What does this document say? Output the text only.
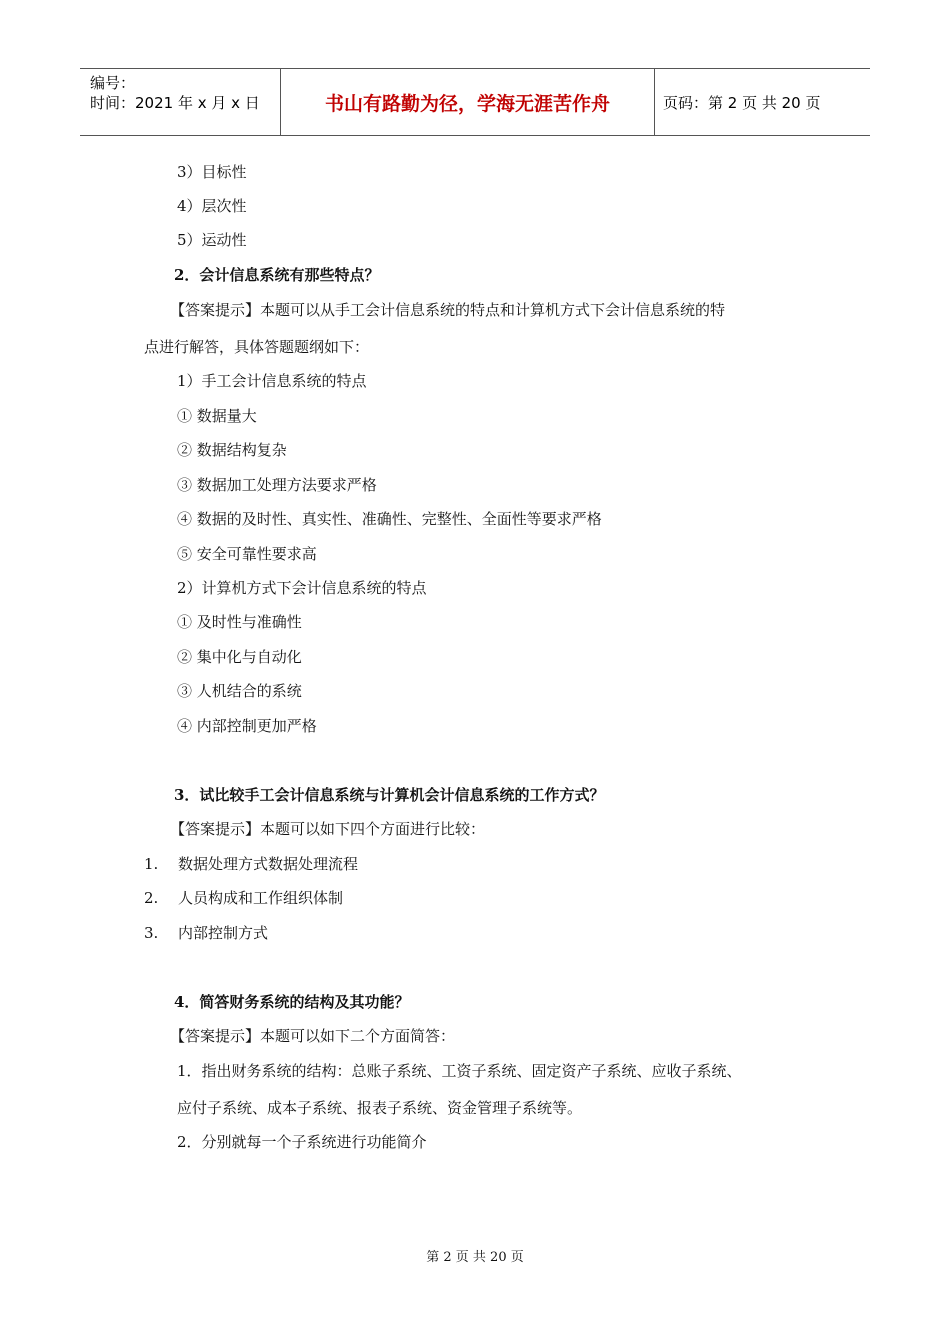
编号：
时间：2021 年 x 月 x 日	书山有路勤为径，学海无涯苦作舟	页码：第 2 页 共 20 页
3）目标性
4）层次性
5）运动性
2．会计信息系统有那些特点？
【答案提示】本题可以从手工会计信息系统的特点和计算机方式下会计信息系统的特
点进行解答，具体答题题纲如下：
1）手工会计信息系统的特点
① 数据量大
② 数据结构复杂
③ 数据加工处理方法要求严格
④ 数据的及时性、真实性、准确性、完整性、全面性等要求严格
⑤ 安全可靠性要求高
2）计算机方式下会计信息系统的特点
① 及时性与准确性
② 集中化与自动化
③ 人机结合的系统
④ 内部控制更加严格
3．试比较手工会计信息系统与计算机会计信息系统的工作方式？
【答案提示】本题可以如下四个方面进行比较：
1. 数据处理方式数据处理流程
2. 人员构成和工作组织体制
3. 内部控制方式
4．简答财务系统的结构及其功能？
【答案提示】本题可以如下二个方面简答：
1．指出财务系统的结构：总账子系统、工资子系统、固定资产子系统、应收子系统、
应付子系统、成本子系统、报表子系统、资金管理子系统等。
2．分别就每一个子系统进行功能简介
第 2 页 共 20 页
